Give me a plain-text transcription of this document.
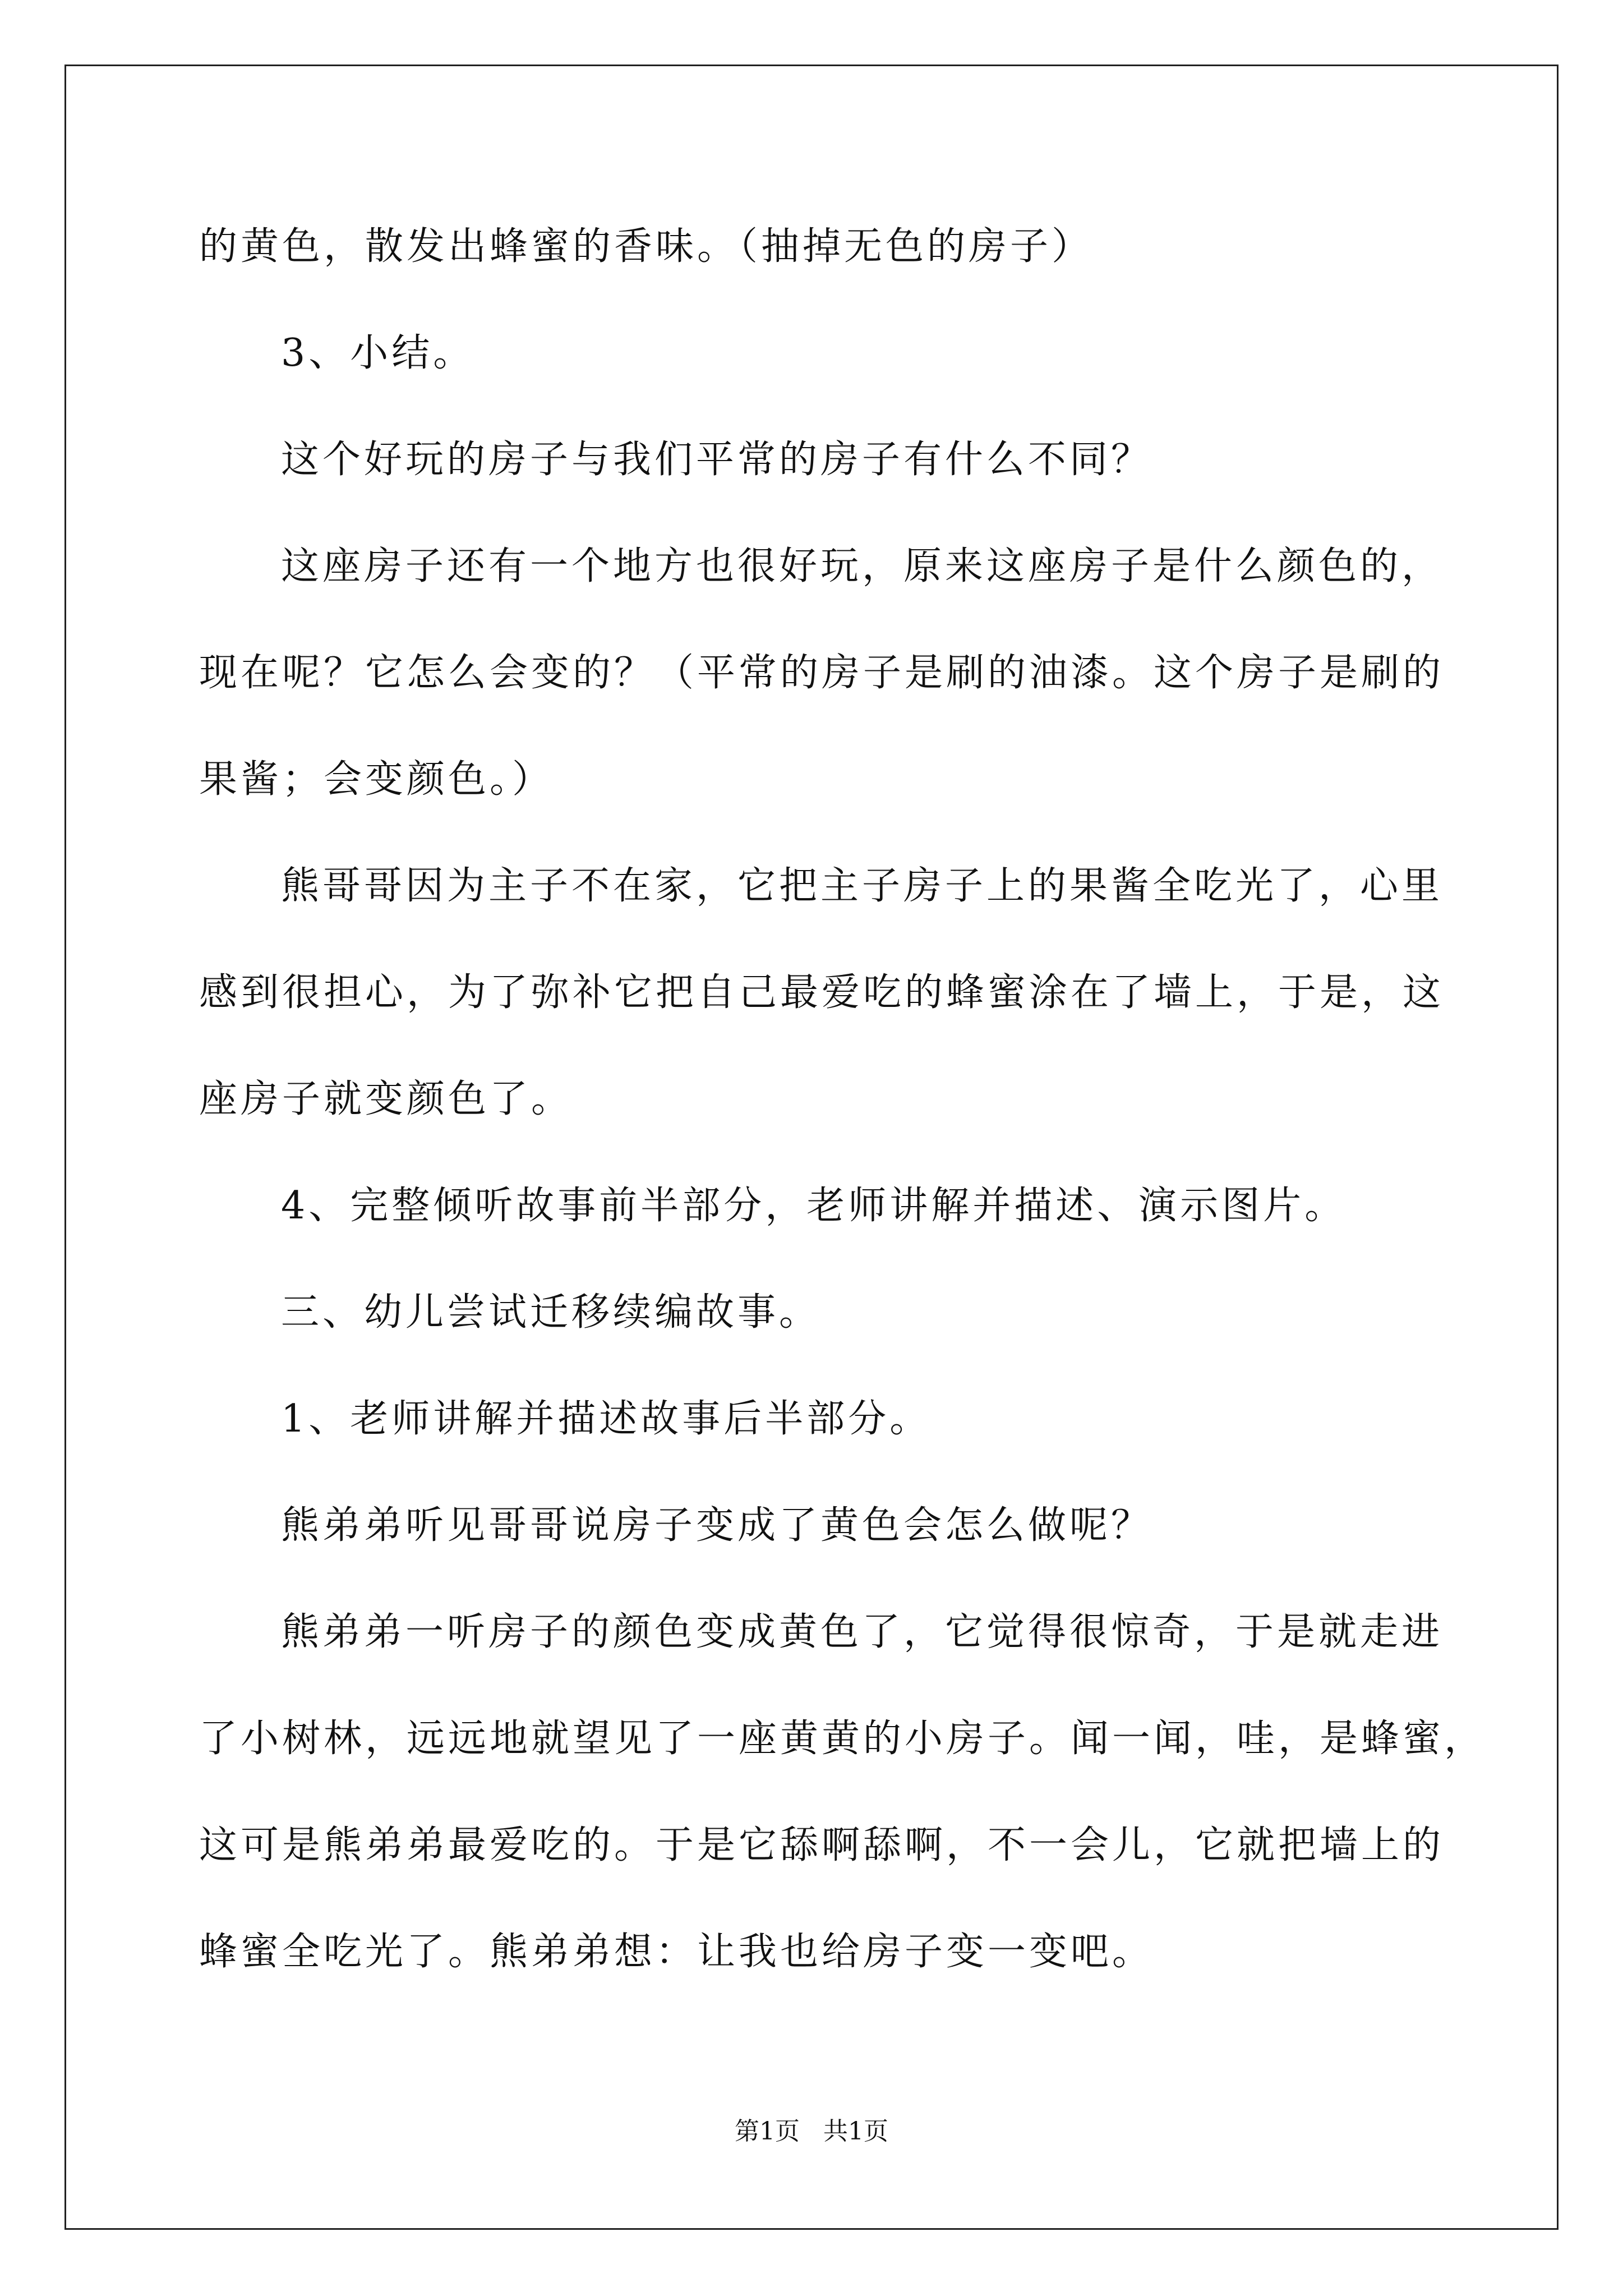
的黄色，散发出蜂蜜的香味。（抽掉无色的房子）
3、小结。
这个好玩的房子与我们平常的房子有什么不同？
这座房子还有一个地方也很好玩，原来这座房子是什么颜色的，
现在呢？它怎么会变的？（平常的房子是刷的油漆。这个房子是刷的
果酱；会变颜色。）
熊哥哥因为主子不在家，它把主子房子上的果酱全吃光了，心里
感到很担心，为了弥补它把自己最爱吃的蜂蜜涂在了墙上，于是，这
座房子就变颜色了。
4、完整倾听故事前半部分，老师讲解并描述、演示图片。
三、幼儿尝试迁移续编故事。
1、老师讲解并描述故事后半部分。
熊弟弟听见哥哥说房子变成了黄色会怎么做呢？
熊弟弟一听房子的颜色变成黄色了，它觉得很惊奇，于是就走进
了小树林，远远地就望见了一座黄黄的小房子。闻一闻，哇，是蜂蜜，
这可是熊弟弟最爱吃的。于是它舔啊舔啊，不一会儿，它就把墙上的
蜂蜜全吃光了。熊弟弟想：让我也给房子变一变吧。
第1页   共1页
